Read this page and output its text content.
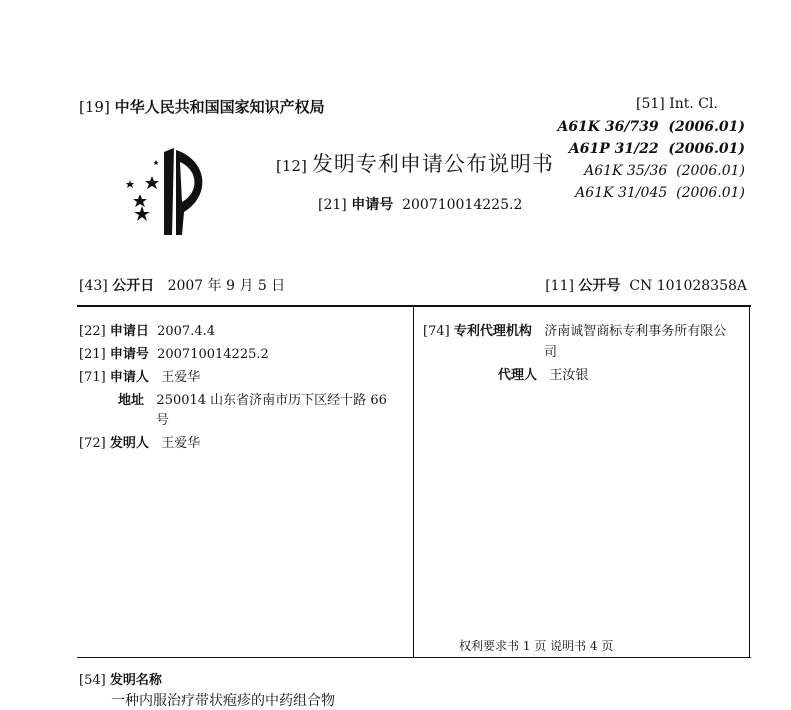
[19] 中华人民共和国国家知识产权局
[12] 发明专利申请公布说明书
[21] 申请号 200710014225.2
[51] Int. Cl.
A61K 36/739 (2006.01)
A61P 31/22 (2006.01)
A61K 35/36 (2006.01)
A61K 31/045 (2006.01)
[43] 公开日 2007 年 9 月 5 日	[11] 公开号 CN 101028358A
[22] 申请日 2007.4.4
[21] 申请号 200710014225.2
[71] 申请人 王爱华
地址 250014 山东省济南市历下区经十路 66
号
[72] 发明人 王爱华
[74] 专利代理机构 济南诚智商标专利事务所有限公
司
代理人 王汝银
权利要求书 1 页 说明书 4 页
[54] 发明名称
一种内服治疗带状疱疹的中药组合物
